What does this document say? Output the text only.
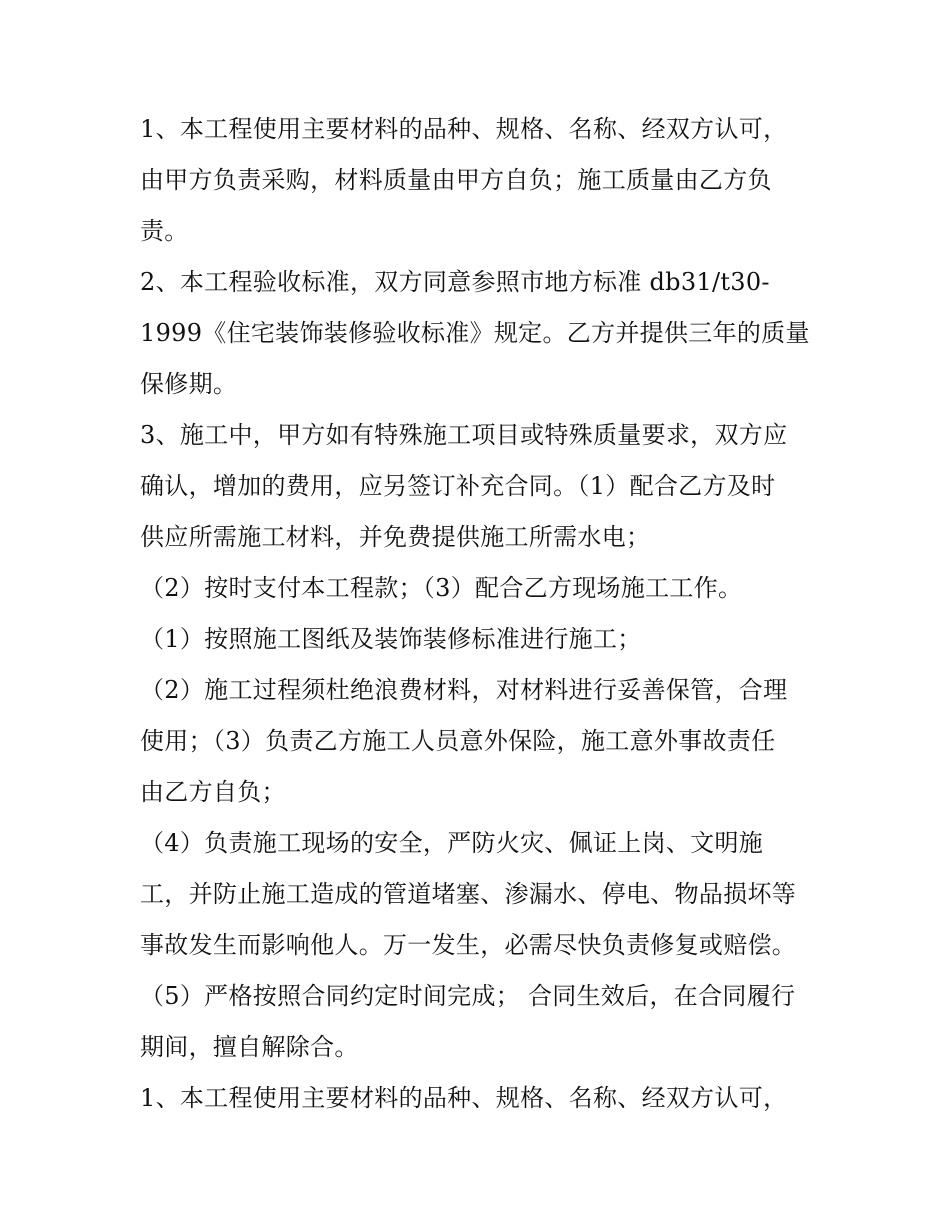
1、本工程使用主要材料的品种、规格、名称、经双方认可，
由甲方负责采购，材料质量由甲方自负；施工质量由乙方负
责。
2、本工程验收标准，双方同意参照市地方标准 db31/t30-
1999《住宅装饰装修验收标准》规定。乙方并提供三年的质量
保修期。
3、施工中，甲方如有特殊施工项目或特殊质量要求，双方应
确认，增加的费用，应另签订补充合同。（1）配合乙方及时
供应所需施工材料，并免费提供施工所需水电；
（2）按时支付本工程款；（3）配合乙方现场施工工作。
（1）按照施工图纸及装饰装修标准进行施工；
（2）施工过程须杜绝浪费材料，对材料进行妥善保管，合理
使用；（3）负责乙方施工人员意外保险，施工意外事故责任
由乙方自负；
（4）负责施工现场的安全，严防火灾、佩证上岗、文明施
工，并防止施工造成的管道堵塞、渗漏水、停电、物品损坏等
事故发生而影响他人。万一发生，必需尽快负责修复或赔偿。
（5）严格按照合同约定时间完成； 合同生效后，在合同履行
期间，擅自解除合。
1、本工程使用主要材料的品种、规格、名称、经双方认可，
